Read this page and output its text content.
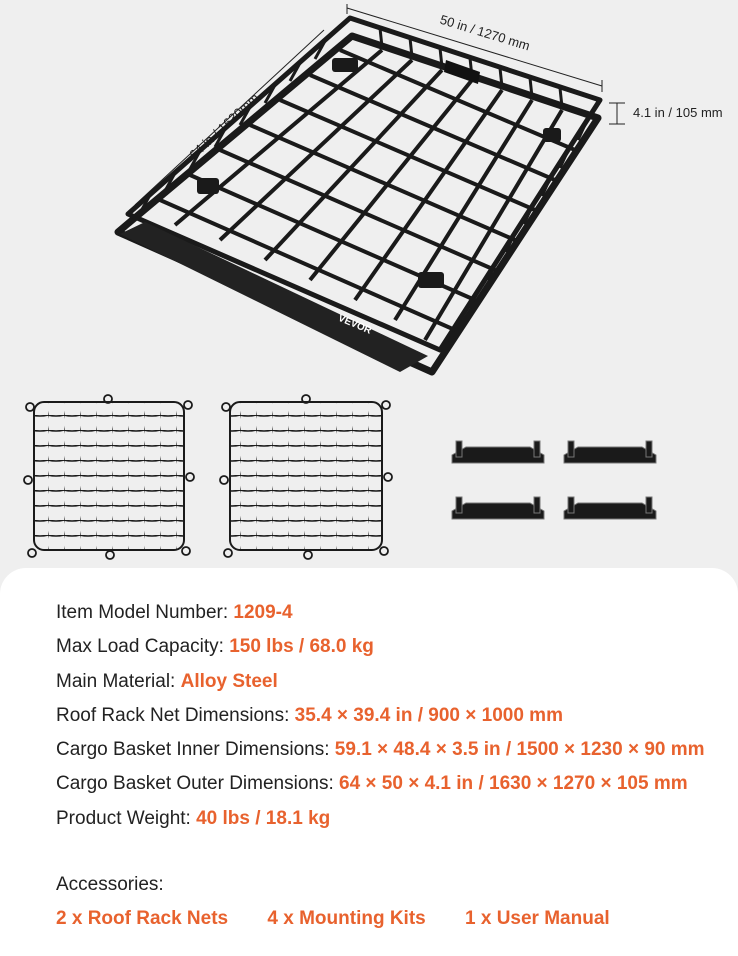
50 in / 1270 mm
64 in / 1630mm	4.1 in / 105 mm
VEVOR
Item Model Number: 1209-4
Max Load Capacity: 150 lbs / 68.0 kg
Main Material: Alloy Steel
Roof Rack Net Dimensions: 35.4 × 39.4 in / 900 × 1000 mm
Cargo Basket Inner Dimensions: 59.1 × 48.4 × 3.5 in / 1500 × 1230 × 90 mm
Cargo Basket Outer Dimensions: 64 × 50 × 4.1 in / 1630 × 1270 × 105 mm
Product Weight: 40 lbs / 18.1 kg
Accessories:
2 x Roof Rack Nets 4 x Mounting Kits 1 x User Manual
